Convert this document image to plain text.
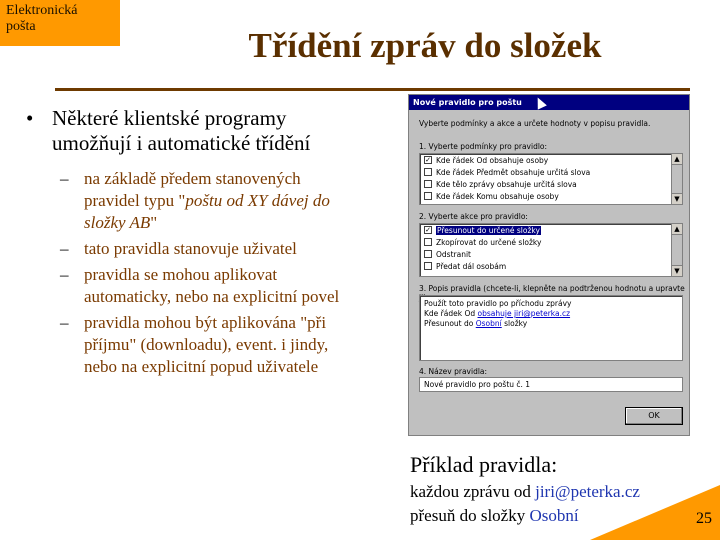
Elektronická
pošta	Třídění zpráv do složek
• Některé klientské programy umožňují i automatické třídění
– na základě předem stanovených pravidel typu "poštu od XY dávej do složky AB"
– tato pravidla stanovuje uživatel
– pravidla se mohou aplikovat automaticky, nebo na explicitní povel
– pravidla mohou být aplikována "při příjmu" (downloadu), event. i jindy, nebo na explicitní popud uživatele
Nové pravidlo pro poštu
Vyberte podmínky a akce a určete hodnoty v popisu pravidla.
1. Vyberte podmínky pro pravidlo:
✓ Kde řádek Od obsahuje osoby
Kde řádek Předmět obsahuje určitá slova
Kde tělo zprávy obsahuje určitá slova
Kde řádek Komu obsahuje osoby
▲
▼
2. Vyberte akce pro pravidlo:
✓ Přesunout do určené složky
Zkopírovat do určené složky
Odstranit
Předat dál osobám
▲
▼
3. Popis pravidla (chcete-li, klepněte na podtrženou hodnotu a upravte
Použít toto pravidlo po příchodu zprávy
Kde řádek Od obsahuje jiri@peterka.cz
Přesunout do Osobní složky
4. Název pravidla:
Nové pravidlo pro poštu č. 1
OK
Příklad pravidla:
každou zprávu od jiri@peterka.cz
přesuň do složky Osobní	25
